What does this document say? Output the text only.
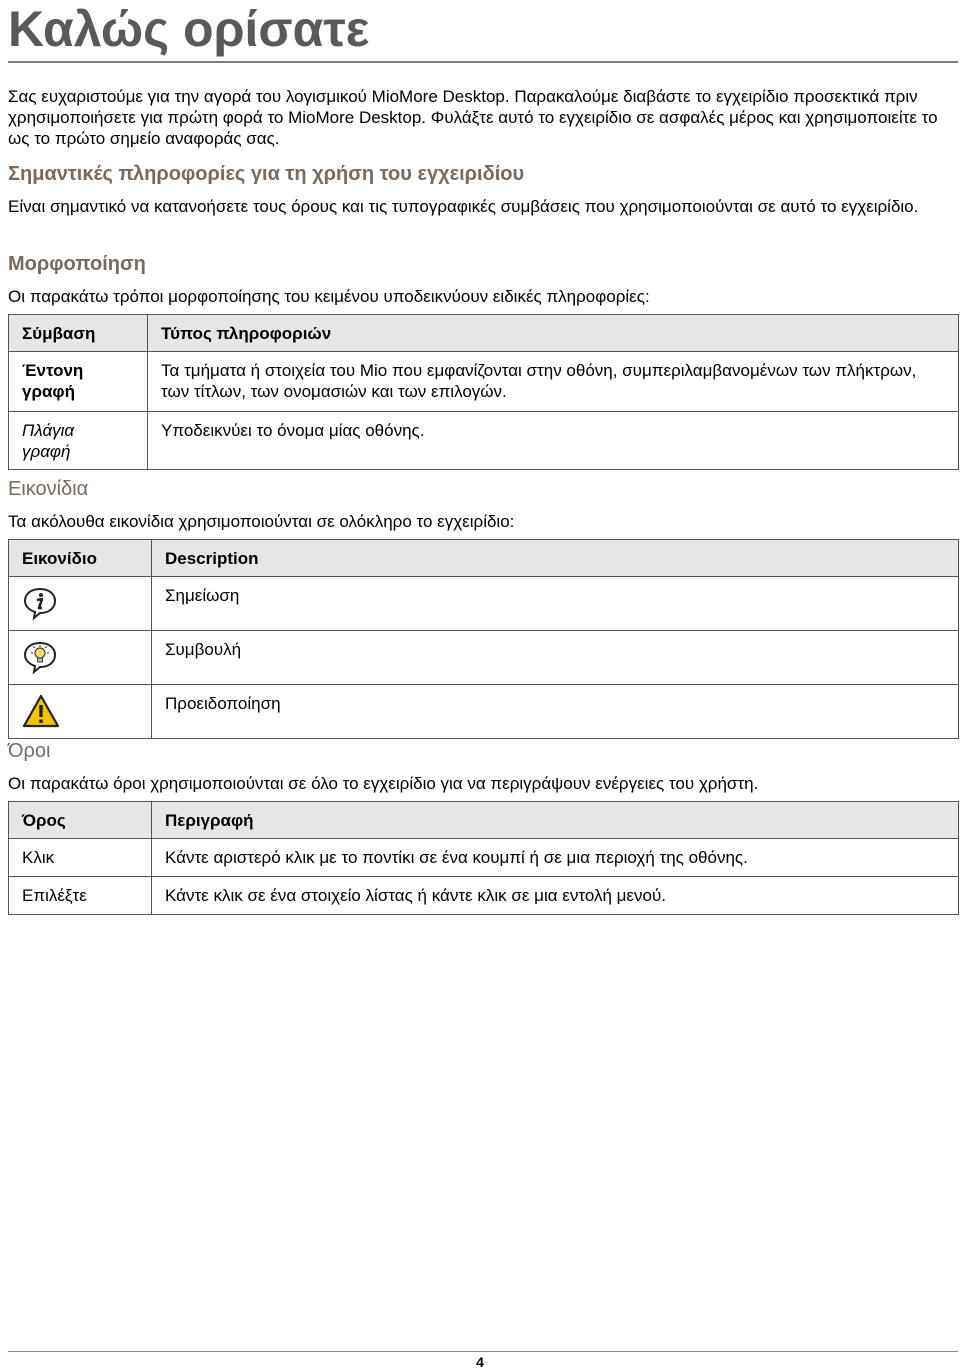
Καλώς ορίσατε

Σας ευχαριστούμε για την αγορά του λογισμικού MioMore Desktop. Παρακαλούμε διαβάστε το εγχειρίδιο προσεκτικά πριν χρησιμοποιήσετε για πρώτη φορά το MioMore Desktop. Φυλάξτε αυτό το εγχειρίδιο σε ασφαλές μέρος και χρησιμοποιείτε το ως το πρώτο σημείο αναφοράς σας.

Σημαντικές πληροφορίες για τη χρήση του εγχειριδίου

Είναι σημαντικό να κατανοήσετε τους όρους και τις τυπογραφικές συμβάσεις που χρησιμοποιούνται σε αυτό το εγχειρίδιο.

Μορφοποίηση

Οι παρακάτω τρόποι μορφοποίησης του κειμένου υποδεικνύουν ειδικές πληροφορίες:

Σύμβαση	Τύπος πληροφοριών
Έντονη γραφή	Τα τμήματα ή στοιχεία του Mio που εμφανίζονται στην οθόνη, συμπεριλαμβανομένων των πλήκτρων, των τίτλων, των ονομασιών και των επιλογών.
Πλάγια γραφή	Υποδεικνύει το όνομα μίας οθόνης.
Εικονίδια

Τα ακόλουθα εικονίδια χρησιμοποιούνται σε ολόκληρο το εγχειρίδιο:

Εικονίδιο	Description
	Σημείωση
	Συμβουλή
	Προειδοποίηση
Όροι

Οι παρακάτω όροι χρησιμοποιούνται σε όλο το εγχειρίδιο για να περιγράψουν ενέργειες του χρήστη.

Όρος	Περιγραφή
Κλικ	Κάντε αριστερό κλικ με το ποντίκι σε ένα κουμπί ή σε μια περιοχή της οθόνης.
Επιλέξτε	Κάντε κλικ σε ένα στοιχείο λίστας ή κάντε κλικ σε μια εντολή μενού.
4
